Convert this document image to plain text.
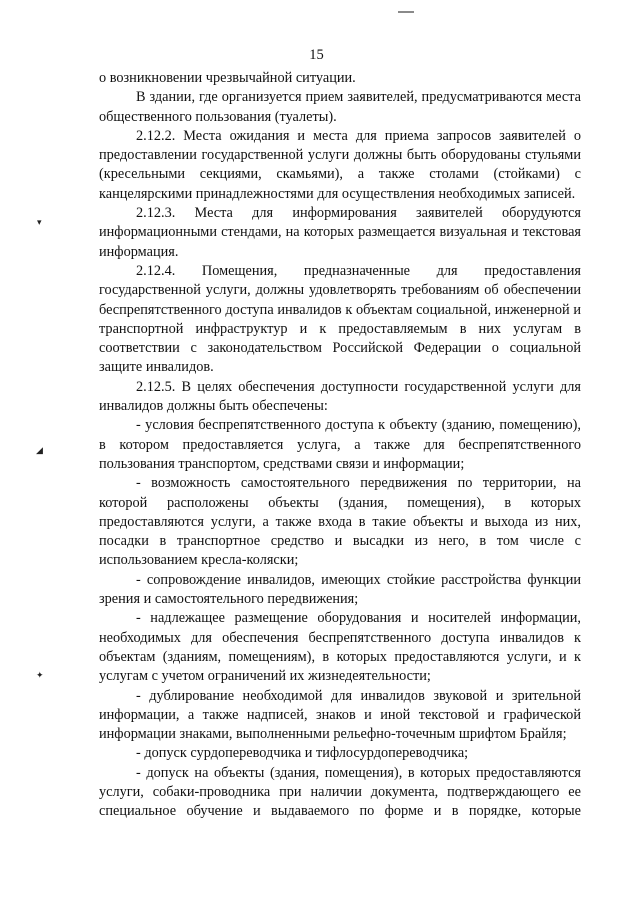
15

о возникновении чрезвычайной ситуации.

В здании, где организуется прием заявителей, предусматриваются места общественного пользования (туалеты).

2.12.2. Места ожидания и места для приема запросов заявителей о предоставлении государственной услуги должны быть оборудованы стульями (кресельными секциями, скамьями), а также столами (стойками) с канцелярскими принадлежностями для осуществления необходимых записей.

2.12.3. Места для информирования заявителей оборудуются информационными стендами, на которых размещается визуальная и текстовая информация.

2.12.4. Помещения, предназначенные для предоставления государственной услуги, должны удовлетворять требованиям об обеспечении беспрепятственного доступа инвалидов к объектам социальной, инженерной и транспортной инфраструктур и к предоставляемым в них услугам в соответствии с законодательством Российской Федерации о социальной защите инвалидов.

2.12.5. В целях обеспечения доступности государственной услуги для инвалидов должны быть обеспечены:

- условия беспрепятственного доступа к объекту (зданию, помещению), в котором предоставляется услуга, а также для беспрепятственного пользования транспортом, средствами связи и информации;

- возможность самостоятельного передвижения по территории, на которой расположены объекты (здания, помещения), в которых предоставляются услуги, а также входа в такие объекты и выхода из них, посадки в транспортное средство и высадки из него, в том числе с использованием кресла-коляски;

- сопровождение инвалидов, имеющих стойкие расстройства функции зрения и самостоятельного передвижения;

- надлежащее размещение оборудования и носителей информации, необходимых для обеспечения беспрепятственного доступа инвалидов к объектам (зданиям, помещениям), в которых предоставляются услуги, и к услугам с учетом ограничений их жизнедеятельности;

- дублирование необходимой для инвалидов звуковой и зрительной информации, а также надписей, знаков и иной текстовой и графической информации знаками, выполненными рельефно-точечным шрифтом Брайля;

- допуск сурдопереводчика и тифлосурдопереводчика;

- допуск на объекты (здания, помещения), в которых предоставляются услуги, собаки-проводника при наличии документа, подтверждающего ее специальное обучение и выдаваемого по форме и в порядке, которые

▾
◢
✦
